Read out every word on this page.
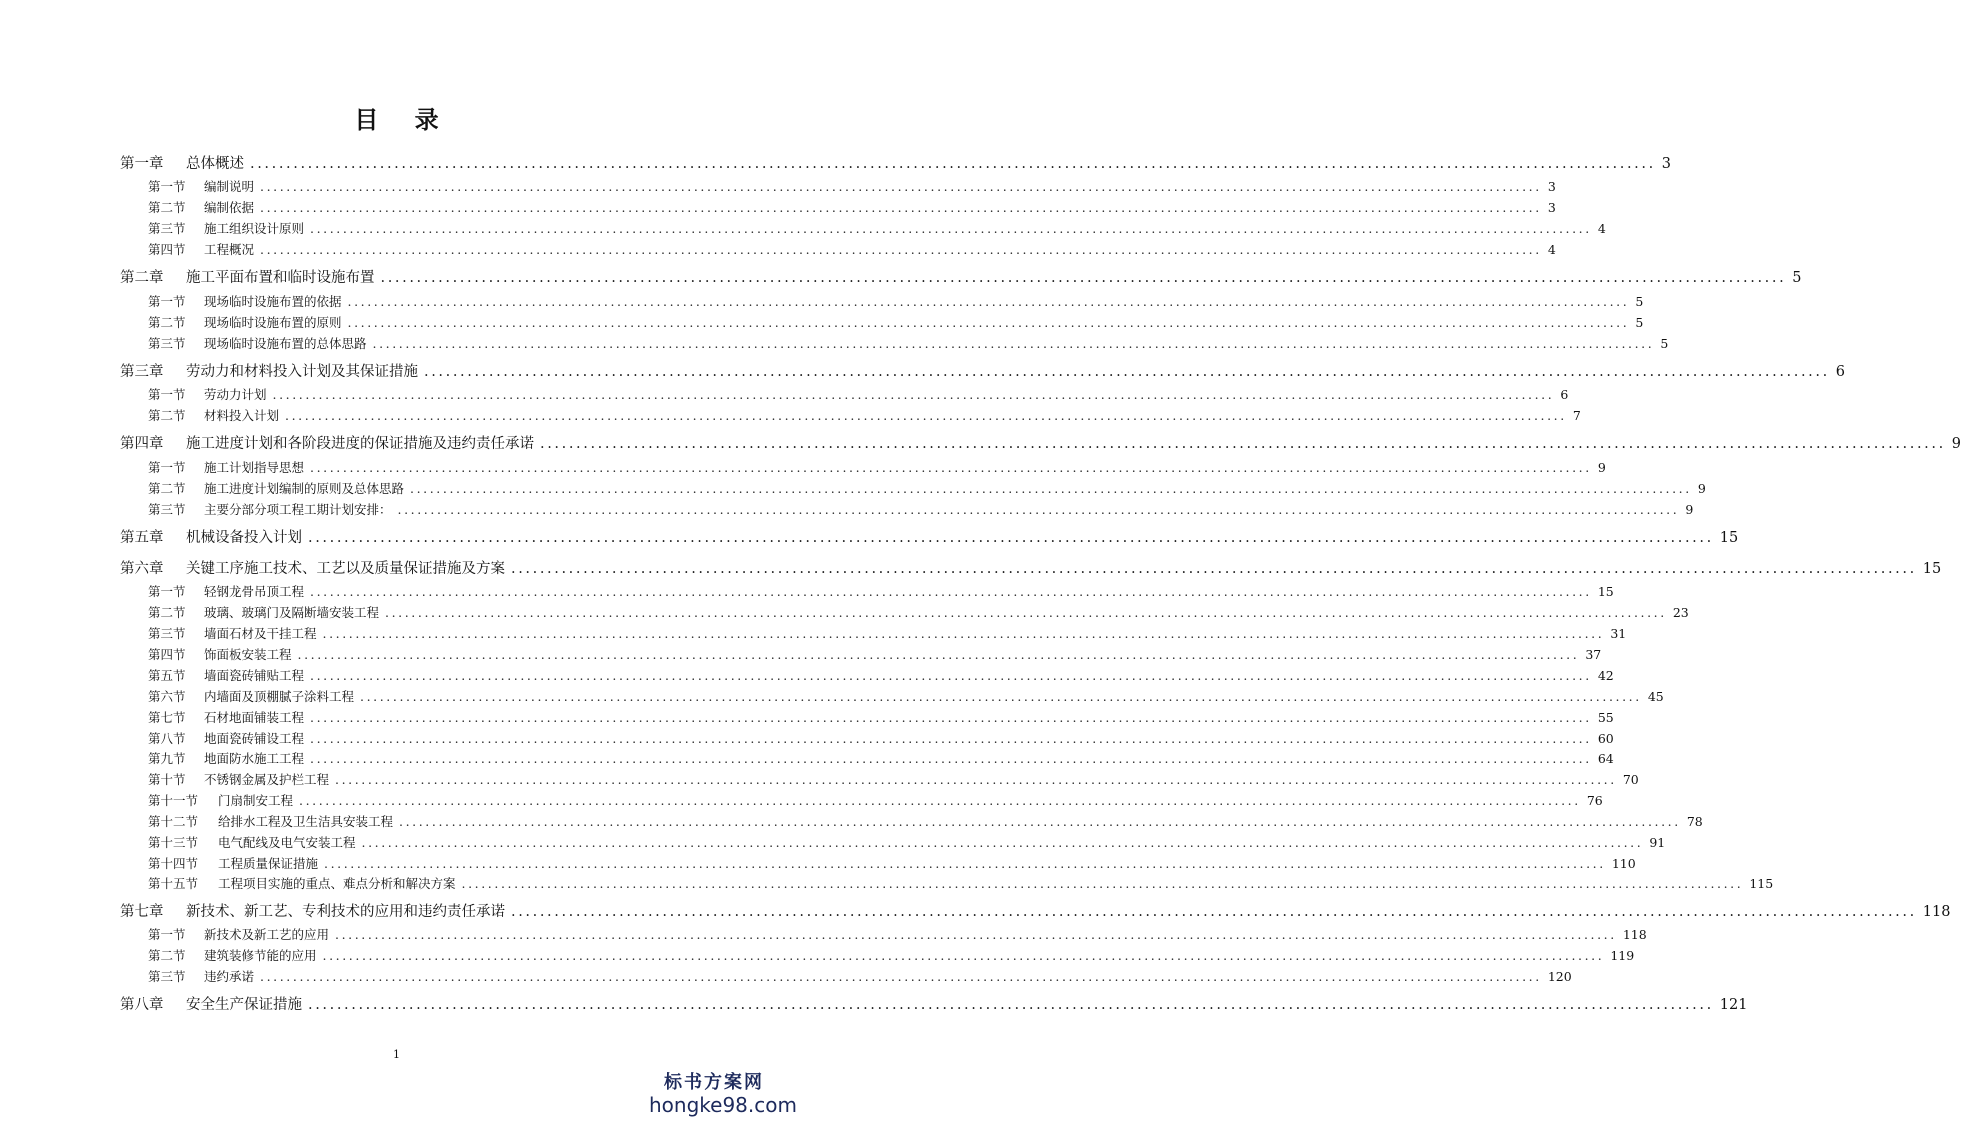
目 录
第一章	总体概述 ................................................................................................................................................................................................... 3
第一节	编制说明 ................................................................................................................................................................................................... 3
第二节	编制依据 ................................................................................................................................................................................................... 3
第三节	施工组织设计原则 ................................................................................................................................................................................................... 4
第四节	工程概况 ................................................................................................................................................................................................... 4
第二章	施工平面布置和临时设施布置 ................................................................................................................................................................................................... 5
第一节	现场临时设施布置的依据 ................................................................................................................................................................................................... 5
第二节	现场临时设施布置的原则 ................................................................................................................................................................................................... 5
第三节	现场临时设施布置的总体思路 ................................................................................................................................................................................................... 5
第三章	劳动力和材料投入计划及其保证措施 ................................................................................................................................................................................................... 6
第一节	劳动力计划 ................................................................................................................................................................................................... 6
第二节	材料投入计划 ................................................................................................................................................................................................... 7
第四章	施工进度计划和各阶段进度的保证措施及违约责任承诺 ................................................................................................................................................................................................... 9
第一节	施工计划指导思想 ................................................................................................................................................................................................... 9
第二节	施工进度计划编制的原则及总体思路 ................................................................................................................................................................................................... 9
第三节	主要分部分项工程工期计划安排： ................................................................................................................................................................................................... 9
第五章	机械设备投入计划 ................................................................................................................................................................................................... 15
第六章	关键工序施工技术、工艺以及质量保证措施及方案 ................................................................................................................................................................................................... 15
第一节	轻钢龙骨吊顶工程 ................................................................................................................................................................................................... 15
第二节	玻璃、玻璃门及隔断墙安装工程 ................................................................................................................................................................................................... 23
第三节	墙面石材及干挂工程 ................................................................................................................................................................................................... 31
第四节	饰面板安装工程 ................................................................................................................................................................................................... 37
第五节	墙面瓷砖铺贴工程 ................................................................................................................................................................................................... 42
第六节	内墙面及顶棚腻子涂料工程 ................................................................................................................................................................................................... 45
第七节	石材地面铺装工程 ................................................................................................................................................................................................... 55
第八节	地面瓷砖铺设工程 ................................................................................................................................................................................................... 60
第九节	地面防水施工工程 ................................................................................................................................................................................................... 64
第十节	不锈钢金属及护栏工程 ................................................................................................................................................................................................... 70
第十一节	门扇制安工程 ................................................................................................................................................................................................... 76
第十二节	给排水工程及卫生洁具安装工程 ................................................................................................................................................................................................... 78
第十三节	电气配线及电气安装工程 ................................................................................................................................................................................................... 91
第十四节	工程质量保证措施 ................................................................................................................................................................................................... 110
第十五节	工程项目实施的重点、难点分析和解决方案 ................................................................................................................................................................................................... 115
第七章	新技术、新工艺、专利技术的应用和违约责任承诺 ................................................................................................................................................................................................... 118
第一节	新技术及新工艺的应用 ................................................................................................................................................................................................... 118
第二节	建筑装修节能的应用 ................................................................................................................................................................................................... 119
第三节	违约承诺 ................................................................................................................................................................................................... 120
第八章	安全生产保证措施 ................................................................................................................................................................................................... 121
1
标书方案网
hongke98.com
